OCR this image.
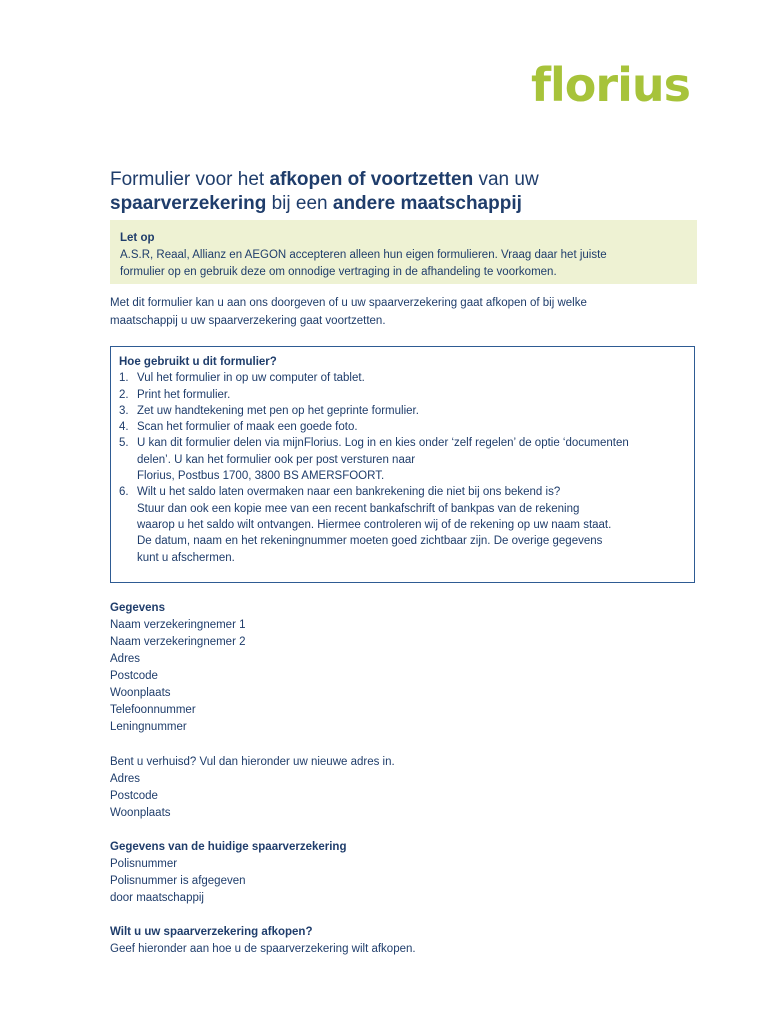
florius
Formulier voor het afkopen of voortzetten van uw
spaarverzekering bij een andere maatschappij
Let op
A.S.R, Reaal, Allianz en AEGON accepteren alleen hun eigen formulieren. Vraag daar het juiste
formulier op en gebruik deze om onnodige vertraging in de afhandeling te voorkomen.
Met dit formulier kan u aan ons doorgeven of u uw spaarverzekering gaat afkopen of bij welke
maatschappij u uw spaarverzekering gaat voortzetten.
Hoe gebruikt u dit formulier?
1. Vul het formulier in op uw computer of tablet.
2. Print het formulier.
3. Zet uw handtekening met pen op het geprinte formulier.
4. Scan het formulier of maak een goede foto.
5. U kan dit formulier delen via mijnFlorius. Log in en kies onder ‘zelf regelen’ de optie ‘documenten
delen’. U kan het formulier ook per post versturen naar
Florius, Postbus 1700, 3800 BS AMERSFOORT.
6. Wilt u het saldo laten overmaken naar een bankrekening die niet bij ons bekend is?
Stuur dan ook een kopie mee van een recent bankafschrift of bankpas van de rekening
waarop u het saldo wilt ontvangen. Hiermee controleren wij of de rekening op uw naam staat.
De datum, naam en het rekeningnummer moeten goed zichtbaar zijn. De overige gegevens
kunt u afschermen.
Gegevens
Naam verzekeringnemer 1
Naam verzekeringnemer 2
Adres
Postcode
Woonplaats
Telefoonnummer
Leningnummer
Bent u verhuisd? Vul dan hieronder uw nieuwe adres in.
Adres
Postcode
Woonplaats
Gegevens van de huidige spaarverzekering
Polisnummer
Polisnummer is afgegeven
door maatschappij
Wilt u uw spaarverzekering afkopen?
Geef hieronder aan hoe u de spaarverzekering wilt afkopen.
